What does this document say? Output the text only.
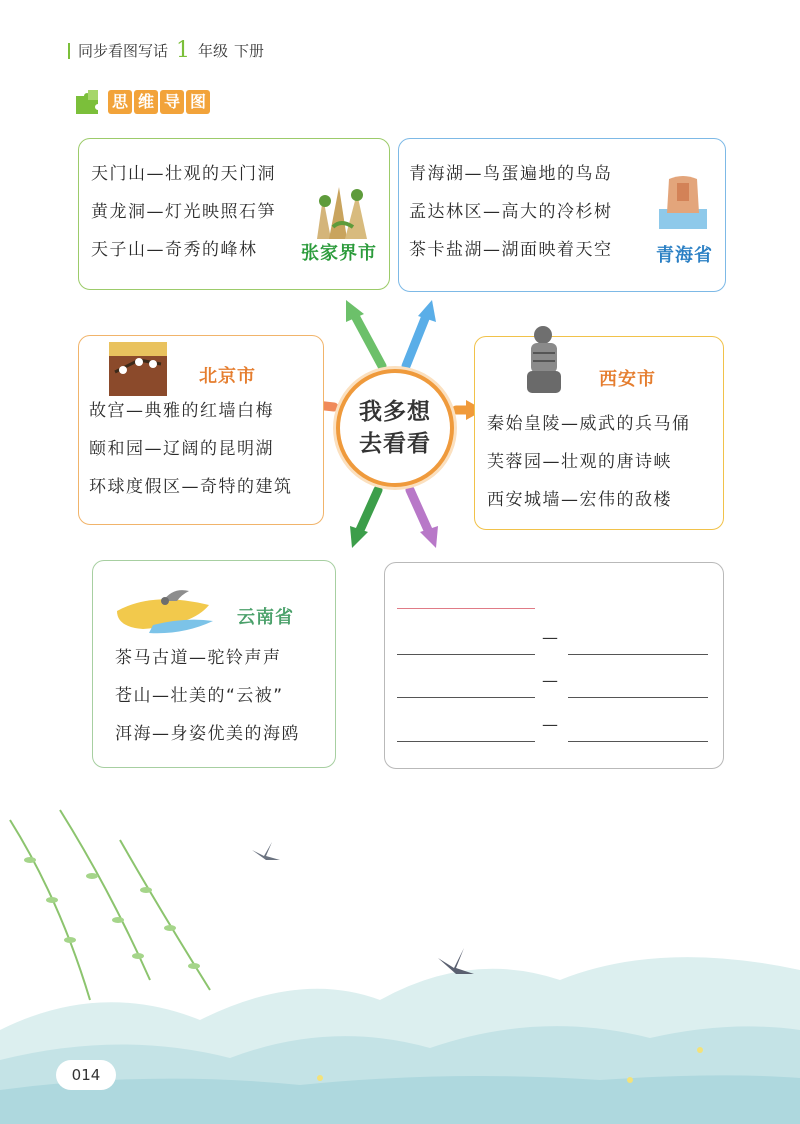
同步看图写话 1 年级 下册
思 维 导 图
天门山—壮观的天门洞
黄龙洞—灯光映照石笋
天子山—奇秀的峰林	张家界市
青海湖—鸟蛋遍地的鸟岛
孟达林区—高大的冷杉树
茶卡盐湖—湖面映着天空	青海省
北京市
故宫—典雅的红墙白梅
颐和园—辽阔的昆明湖
环球度假区—奇特的建筑
我多想
去看看
西安市
秦始皇陵—威武的兵马俑
芙蓉园—壮观的唐诗峡
西安城墙—宏伟的敌楼
云南省
茶马古道—驼铃声声
苍山—壮美的“云被”
洱海—身姿优美的海鸥
—
—
—
014
